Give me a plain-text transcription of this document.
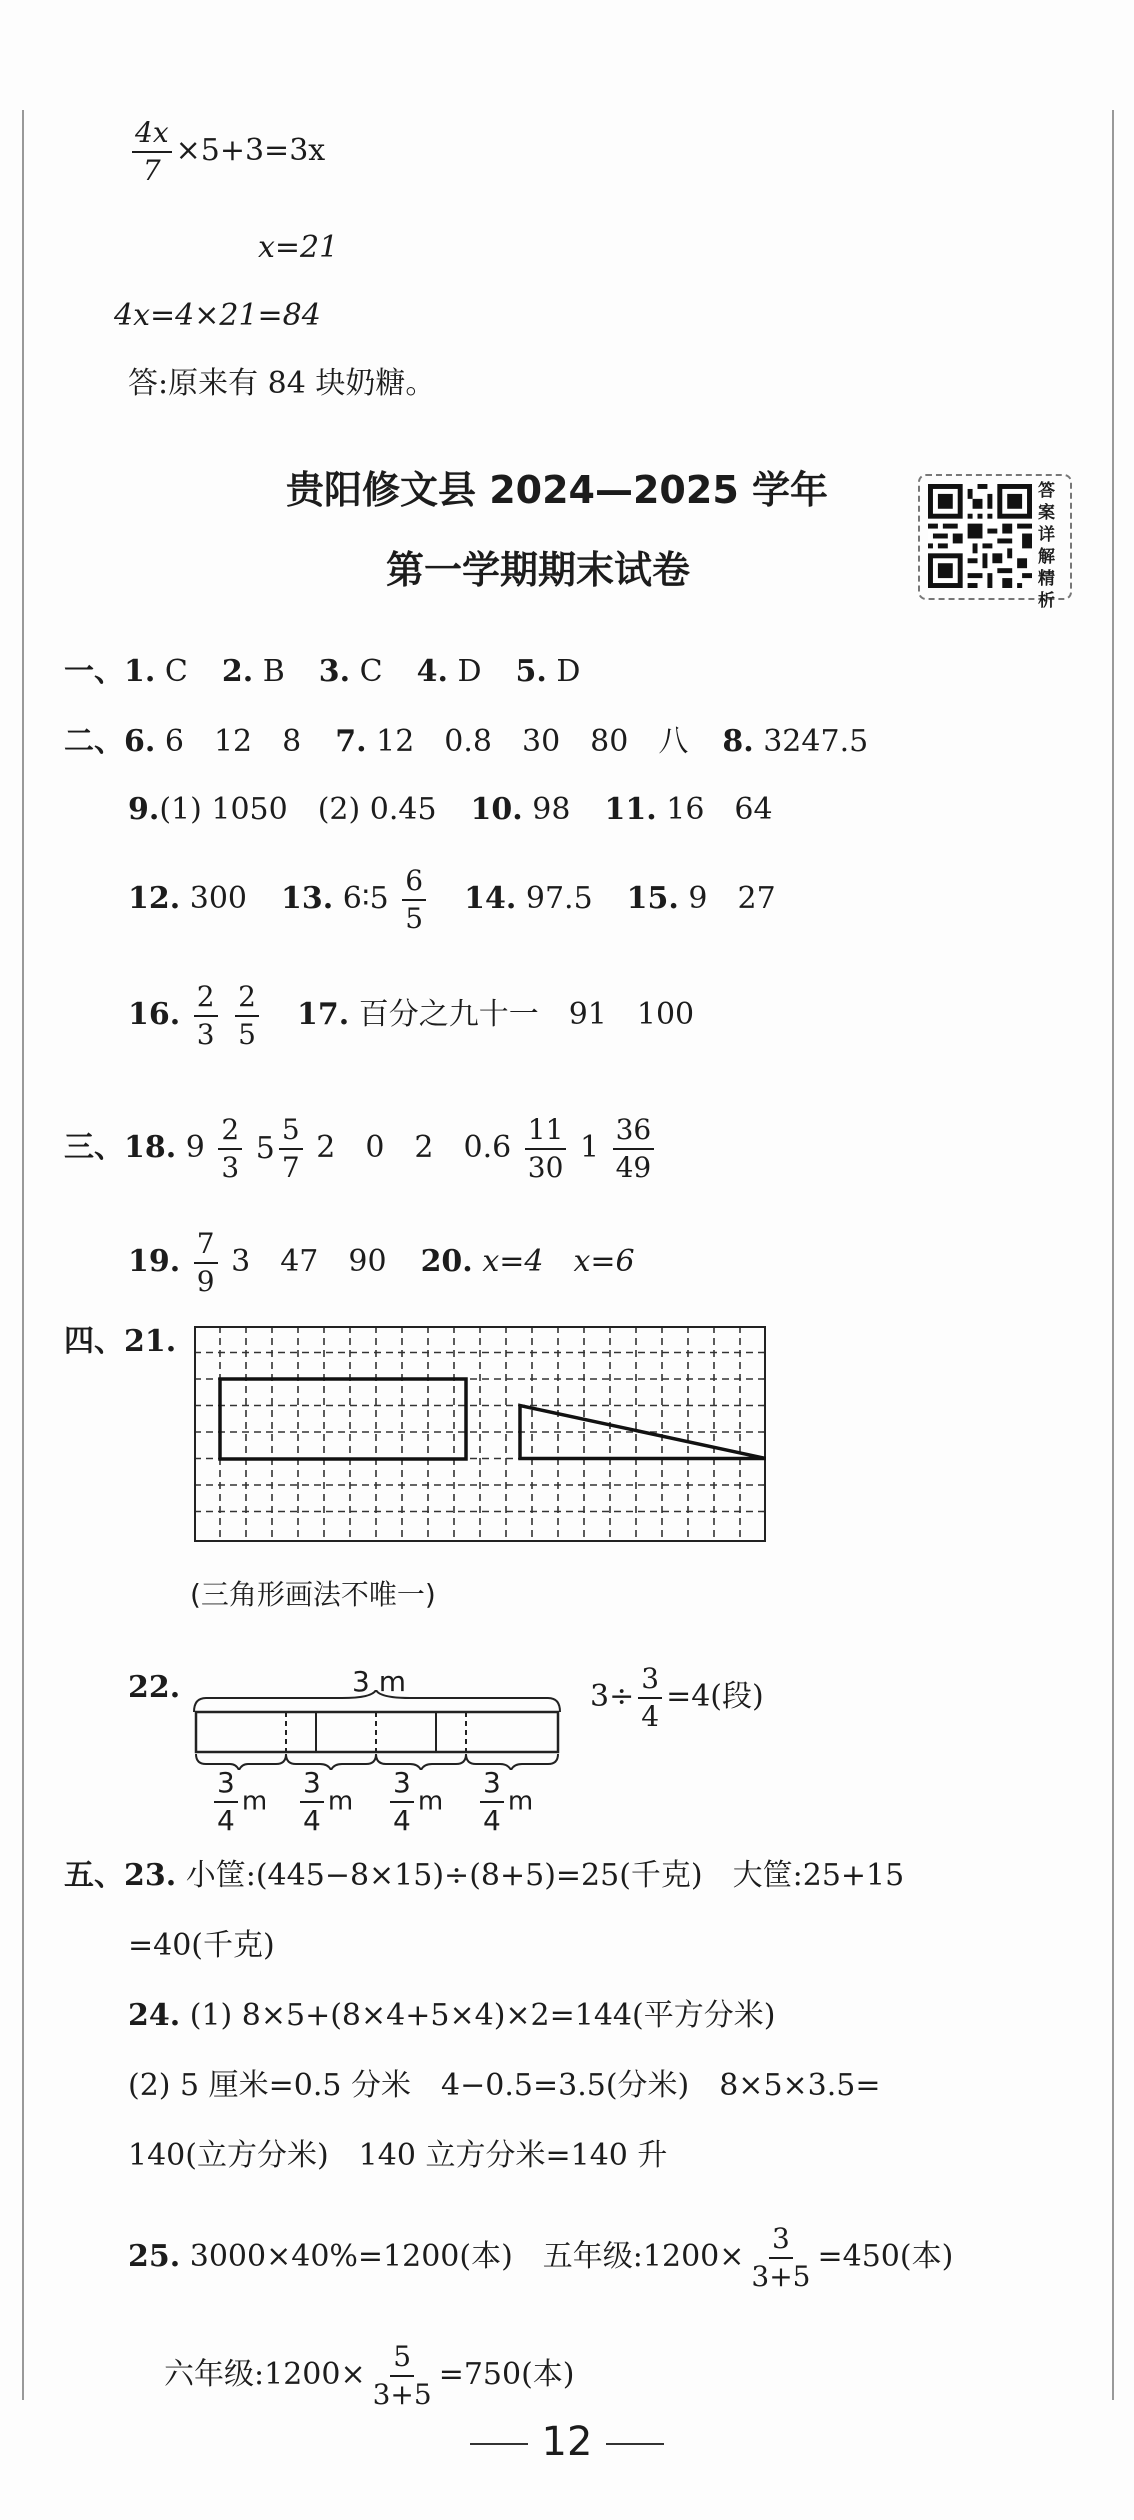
$\frac{4x}{7} \times 5+3=3x$
x=21
4x=4×21=84
答:原来有 84 块奶糖。
贵阳修文县 2024—2025 学年
第一学期期末试卷
答案详解精析
一、1. C 2. B 3. C 4. D 5. D
二、6. 6　12　8 7. 12　0.8　30　80　八 8. 3247.5
9.(1) 1050　(2) 0.45 10. 98 11. 16　64
12. 300 13. 6∶5 $\frac{6}{5} 14$. 97.5 15. 9　27
16. $\frac{2}{3}$
$\frac{2}{5} 17$. 百分之九十一　91　100
三、18. $9 \frac{2}{3}$
$5 \frac{5}{7} 2$　0　2　$0.6 \frac{11}{30} 1 \frac{36}{49}$
19. $\frac{7}{9} 3$　47　90 20. x=4　x=6
四、21.
(三角形画法不唯一)
22.	3 m
$\frac{3}{4}$ m $\frac{3}{4}$ m $\frac{3}{4}$ m $\frac{3}{4}$ m
$3\div \frac{3}{4} =4$(段)
五、23. 小筐:(445−8×15)÷(8+5)=25(千克)　大筐:25+15
=40(千克)
24. (1) 8×5+(8×4+5×4)×2=144(平方分米)
(2) 5 厘米=0.5 分米　4−0.5=3.5(分米)　8×5×3.5=
140(立方分米)　140 立方分米=140 升
25. 3000×40%=1200(本)　五年级:1200× $\frac{3}{3+5} =450$(本)
六年级:1200× $\frac{5}{3+5} =750$(本)
12
